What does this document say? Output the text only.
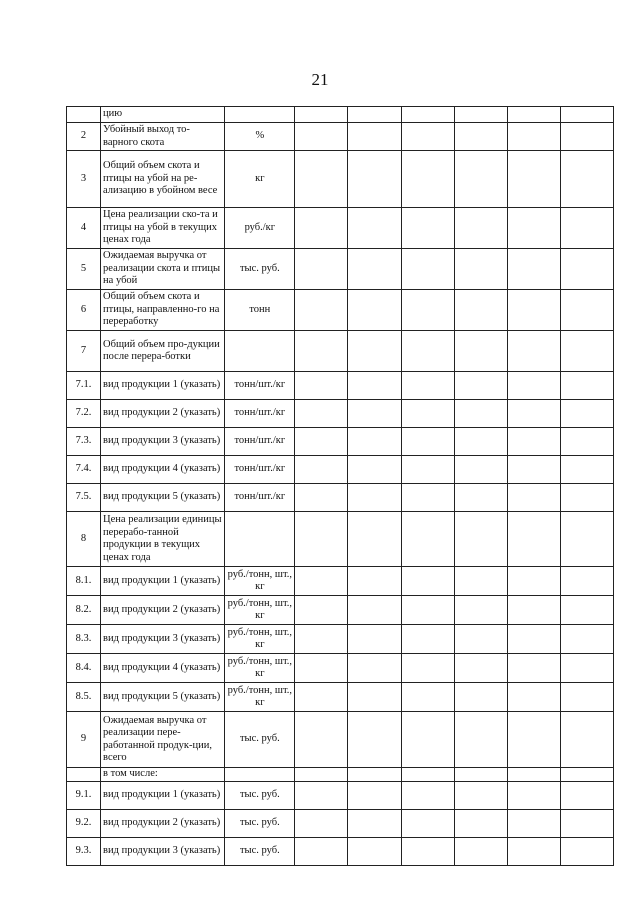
21
	цию							
2	Убойный выход то-варного скота	%						
3	Общий объем скота и птицы на убой на ре-ализацию в убойном весе	кг						
4	Цена реализации ско-та и птицы на убой в текущих ценах года	руб./кг						
5	Ожидаемая выручка от реализации скота и птицы на убой	тыс. руб.						
6	Общий объем скота и птицы, направленно-го на переработку	тонн						
7	Общий объем про-дукции после перера-ботки							
7.1.	вид продукции 1 (указать)	тонн/шт./кг						
7.2.	вид продукции 2 (указать)	тонн/шт./кг						
7.3.	вид продукции 3 (указать)	тонн/шт./кг						
7.4.	вид продукции 4 (указать)	тонн/шт./кг						
7.5.	вид продукции 5 (указать)	тонн/шт./кг						
8	Цена реализации единицы перерабо-танной продукции в текущих ценах года							
8.1.	вид продукции 1 (указать)	руб./тонн, шт., кг						
8.2.	вид продукции 2 (указать)	руб./тонн, шт., кг						
8.3.	вид продукции 3 (указать)	руб./тонн, шт., кг						
8.4.	вид продукции 4 (указать)	руб./тонн, шт., кг						
8.5.	вид продукции 5 (указать)	руб./тонн, шт., кг						
9	Ожидаемая выручка от реализации пере-работанной продук-ции, всего	тыс. руб.						
	в том числе:							
9.1.	вид продукции 1 (указать)	тыс. руб.						
9.2.	вид продукции 2 (указать)	тыс. руб.						
9.3.	вид продукции 3 (указать)	тыс. руб.						
